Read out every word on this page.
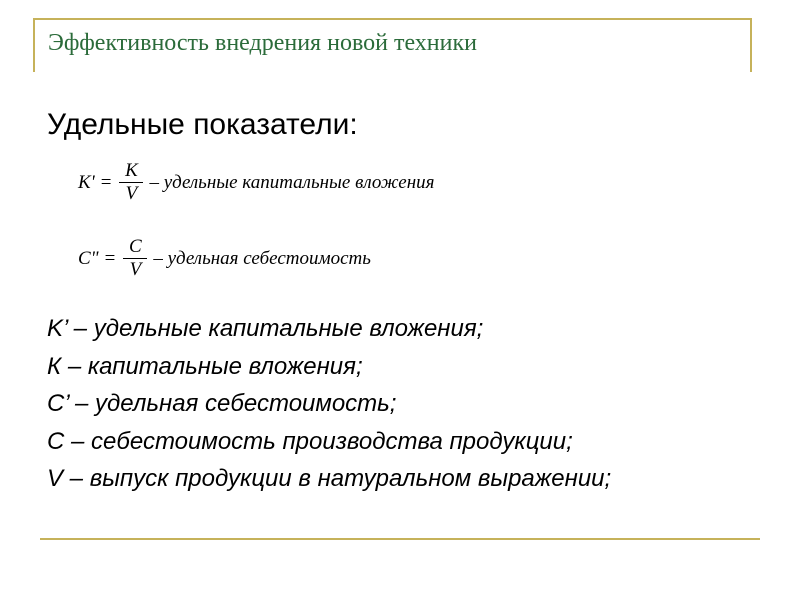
Эффективность внедрения новой техники
Удельные показатели:
$K' = \frac{K}{V}$ – удельные капитальные вложения
C" = $\frac{C}{V}$ – удельная себестоимость
K’ – удельные капитальные вложения;
К – капитальные вложения;
С’ – удельная себестоимость;
С – себестоимость производства продукции;
V – выпуск продукции в натуральном выражении;
